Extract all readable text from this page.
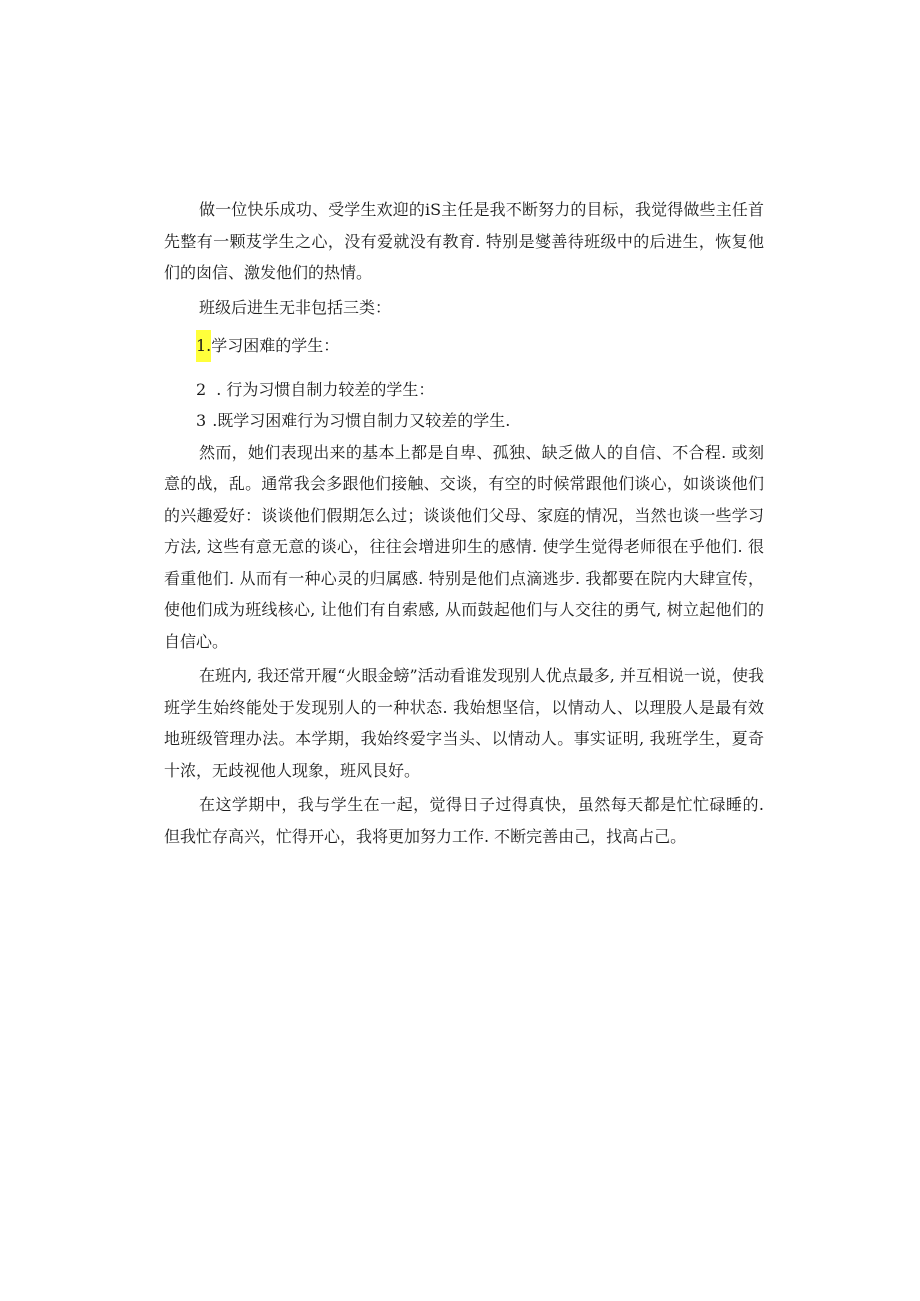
做一位快乐成功、受学生欢迎的iS主任是我不断努力的目标，我觉得做些主任首先整有一颗芨学生之心，没有爱就没有教育. 特别是燮善待班级中的后进生，恢复他们的囱信、激发他们的热情。

班级后进生无非包括三类：

1.学习困难的学生：
2 . 行为习惯自制力较差的学生：
3 .既学习困难行为习惯自制力又较差的学生.

然而，她们表现出来的基本上都是自卑、孤独、缺乏做人的自信、不合程. 或刻意的战，乱。通常我会多跟他们接触、交谈，有空的时候常跟他们谈心，如谈谈他们的兴趣爱好：谈谈他们假期怎么过；谈谈他们父母、家庭的情况，当然也谈一些学习方法, 这些有意无意的谈心，往往会增进卯生的感情. 使学生觉得老师很在乎他们. 很看重他们. 从而有一种心灵的归属感. 特别是他们点滴逃步. 我都要在院内大肆宣传，使他们成为班线核心, 让他们有自索感, 从而鼓起他们与人交往的勇气, 树立起他们的自信心。

在班内, 我还常开履“火眼金螃”活动看谁发现别人优点最多, 并互相说一说，使我班学生始终能处于发现别人的一种状态. 我始想坚信，以情动人、以理股人是最有效地班级管理办法。本学期，我始终爱字当头、以情动人。事实证明, 我班学生，夏奇十浓，无歧视他人现象，班风艮好。

在这学期中，我与学生在一起，觉得日子过得真快，虽然每天都是忙忙碌睡的. 但我忙存高兴，忙得开心，我将更加努力工作. 不断完善由己，找高占己。
